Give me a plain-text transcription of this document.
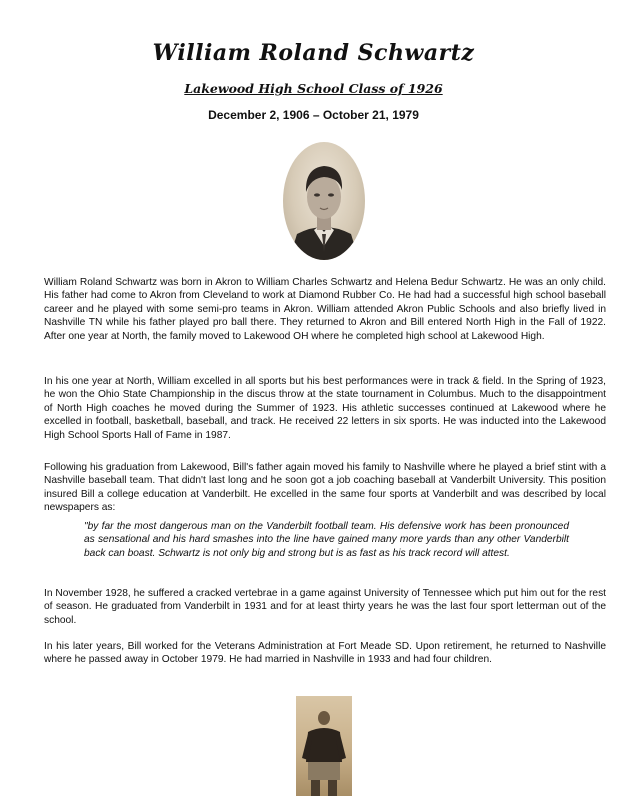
William Roland Schwartz
Lakewood High School Class of 1926
December 2, 1906 – October 21, 1979

William Roland Schwartz was born in Akron to William Charles Schwartz and Helena Bedur Schwartz. He was an only child. His father had come to Akron from Cleveland to work at Diamond Rubber Co. He had had a successful high school baseball career and he played with some semi-pro teams in Akron. William attended Akron Public Schools and also briefly lived in Nashville TN while his father played pro ball there. They returned to Akron and Bill entered North High in the Fall of 1922. After one year at North, the family moved to Lakewood OH where he completed high school at Lakewood High.

In his one year at North, William excelled in all sports but his best performances were in track & field. In the Spring of 1923, he won the Ohio State Championship in the discus throw at the state tournament in Columbus. Much to the disappointment of North High coaches he moved during the Summer of 1923. His athletic successes continued at Lakewood where he excelled in football, basketball, baseball, and track. He received 22 letters in six sports. He was inducted into the Lakewood High School Sports Hall of Fame in 1987.

Following his graduation from Lakewood, Bill's father again moved his family to Nashville where he played a brief stint with a Nashville baseball team. That didn't last long and he soon got a job coaching baseball at Vanderbilt University. This position insured Bill a college education at Vanderbilt. He excelled in the same four sports at Vanderbilt and was described by local newspapers as:

"by far the most dangerous man on the Vanderbilt football team. His defensive work has been pronounced as sensational and his hard smashes into the line have gained many more yards than any other Vanderbilt back can boast. Schwartz is not only big and strong but is as fast as his track record will attest.

In November 1928, he suffered a cracked vertebrae in a game against University of Tennessee which put him out for the rest of season. He graduated from Vanderbilt in 1931 and for at least thirty years he was the last four sport letterman out of the school.

In his later years, Bill worked for the Veterans Administration at Fort Meade SD. Upon retirement, he returned to Nashville where he passed away in October 1979. He had married in Nashville in 1933 and had four children.
